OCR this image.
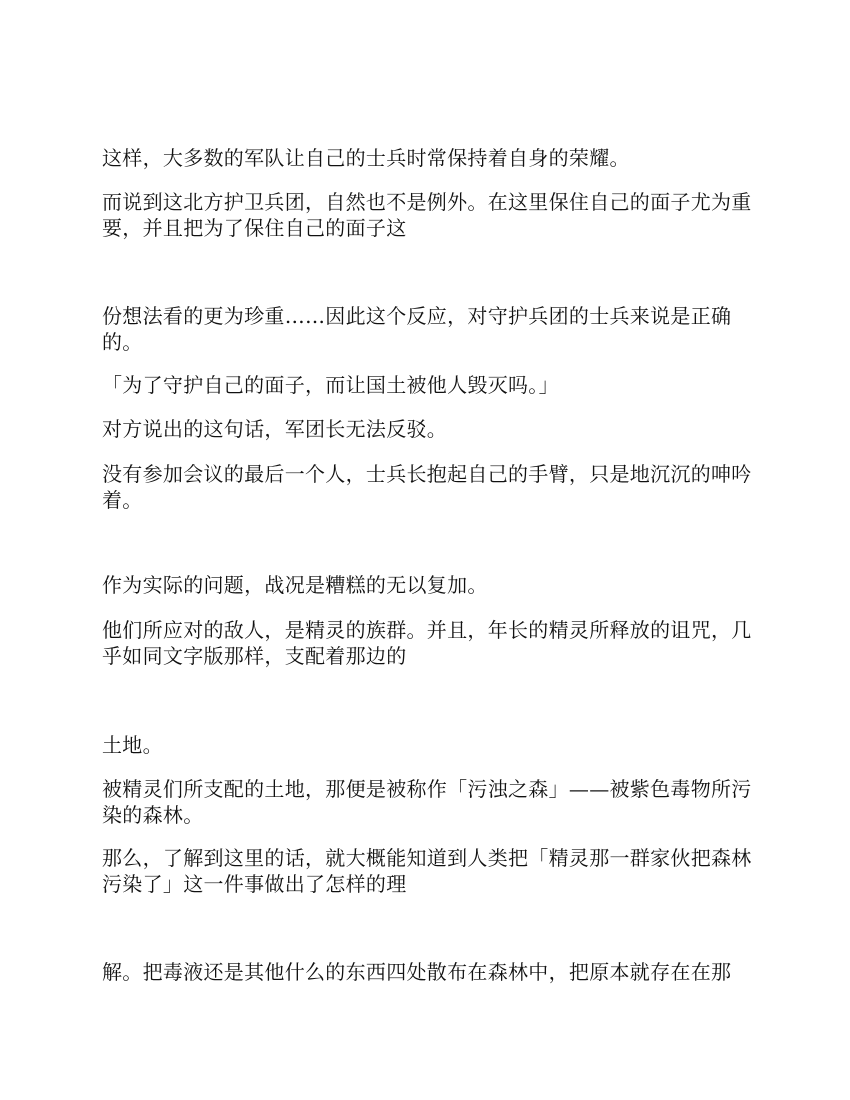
这样，大多数的军队让自己的士兵时常保持着自身的荣耀。

而说到这北方护卫兵团，自然也不是例外。在这里保住自己的面子尤为重要，并且把为了保住自己的面子这

份想法看的更为珍重……因此这个反应，对守护兵团的士兵来说是正确的。

「为了守护自己的面子，而让国土被他人毁灭吗。」

对方说出的这句话，军团长无法反驳。

没有参加会议的最后一个人，士兵长抱起自己的手臂，只是地沉沉的呻吟着。

作为实际的问题，战况是糟糕的无以复加。

他们所应对的敌人，是精灵的族群。并且，年长的精灵所释放的诅咒，几乎如同文字版那样，支配着那边的

土地。

被精灵们所支配的土地，那便是被称作「污浊之森」——被紫色毒物所污染的森林。

那么，了解到这里的话，就大概能知道到人类把「精灵那一群家伙把森林污染了」这一件事做出了怎样的理

解。把毒液还是其他什么的东西四处散布在森林中，把原本就存在在那
